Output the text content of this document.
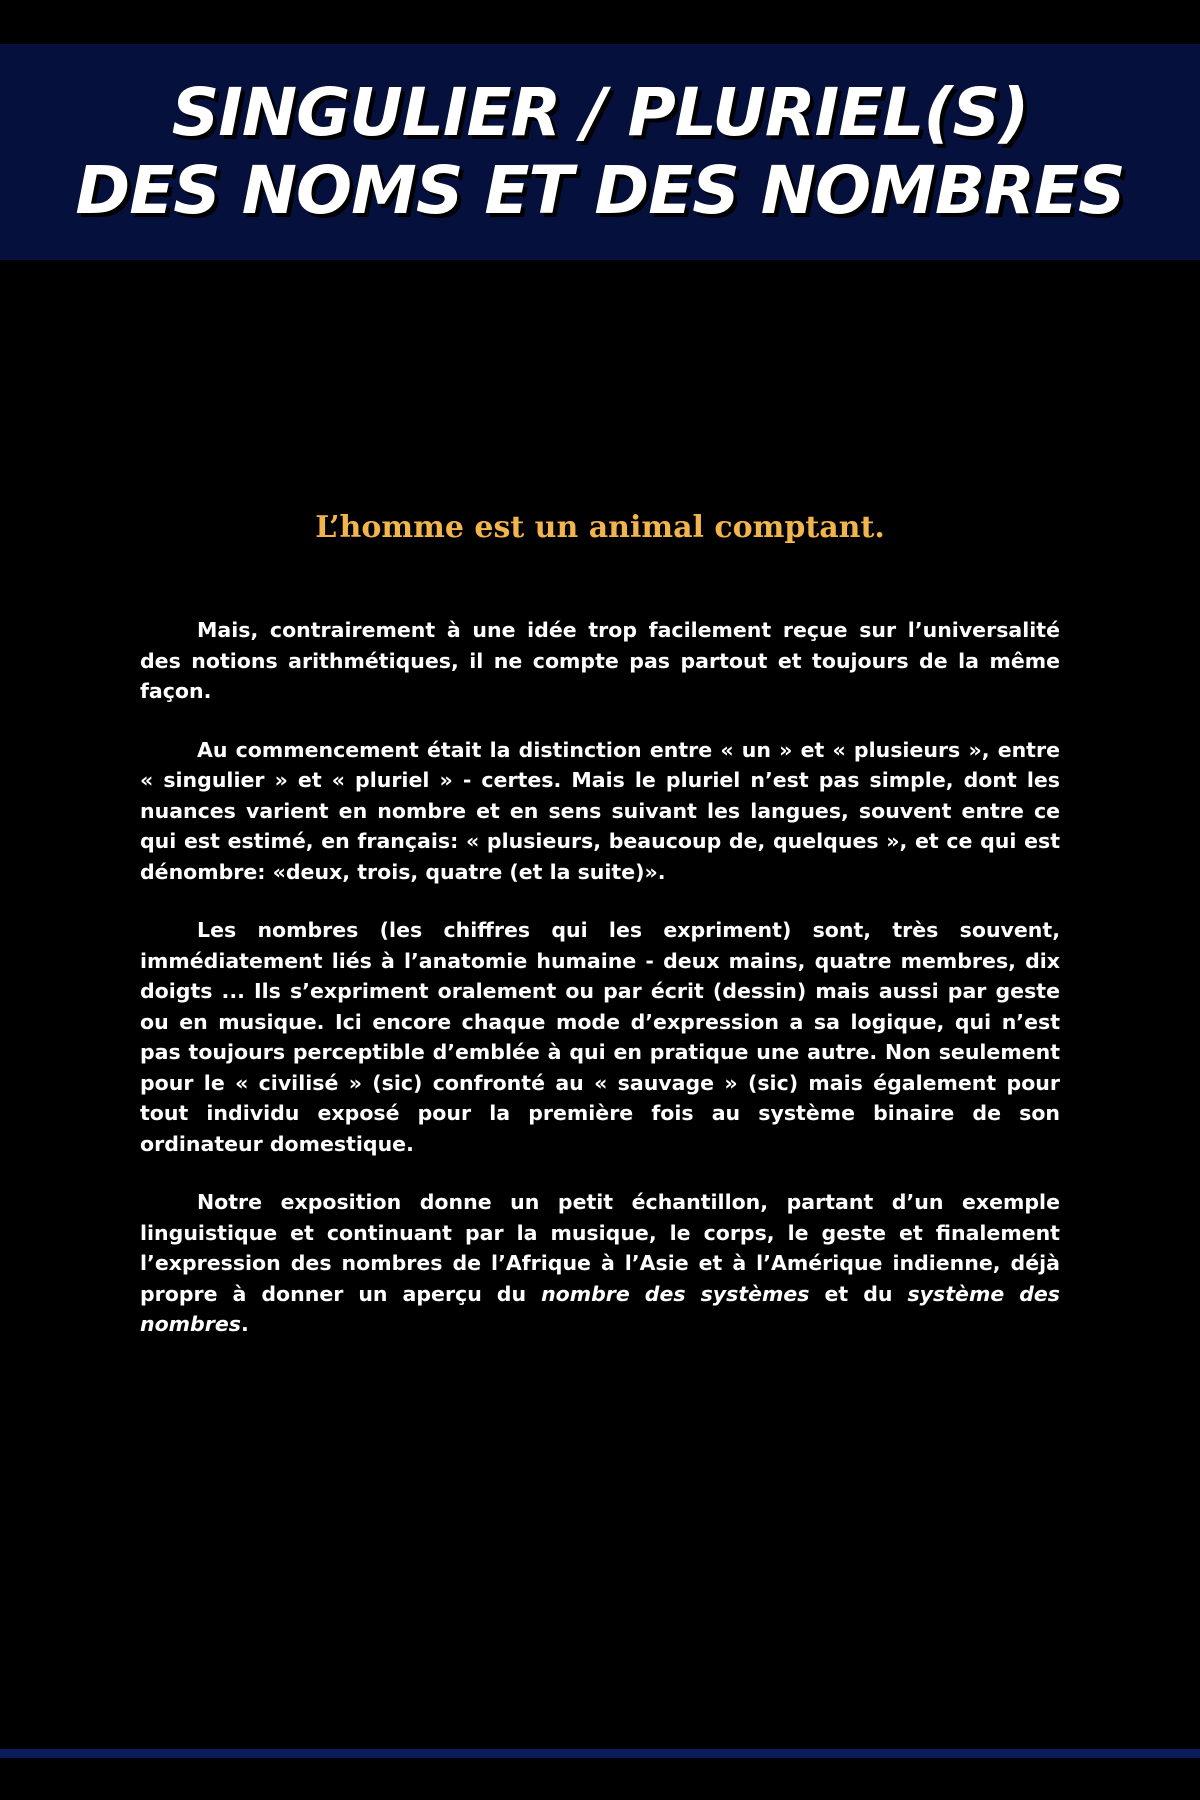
SINGULIER / PLURIEL(S)
DES NOMS ET DES NOMBRES

L’homme est un animal comptant.

Mais, contrairement à une idée trop facilement reçue sur l’universalité des notions arithmétiques, il ne compte pas partout et toujours de la même façon.

Au commencement était la distinction entre « un » et « plusieurs », entre « singulier » et « pluriel » - certes. Mais le pluriel n’est pas simple, dont les nuances varient en nombre et en sens suivant les langues, souvent entre ce qui est estimé, en français: « plusieurs, beaucoup de, quelques », et ce qui est dénombre: «deux, trois, quatre (et la suite)».

Les nombres (les chiffres qui les expriment) sont, très souvent, immédiatement liés à l’anatomie humaine - deux mains, quatre membres, dix doigts ... Ils s’expriment oralement ou par écrit (dessin) mais aussi par geste ou en musique. Ici encore chaque mode d’expression a sa logique, qui n’est pas toujours perceptible d’emblée à qui en pratique une autre. Non seulement pour le « civilisé » (sic) confronté au « sauvage » (sic) mais également pour tout individu exposé pour la première fois au système binaire de son ordinateur domestique.

Notre exposition donne un petit échantillon, partant d’un exemple linguistique et continuant par la musique, le corps, le geste et finalement l’expression des nombres de l’Afrique à l’Asie et à l’Amérique indienne, déjà propre à donner un aperçu du nombre des systèmes et du système des nombres.
